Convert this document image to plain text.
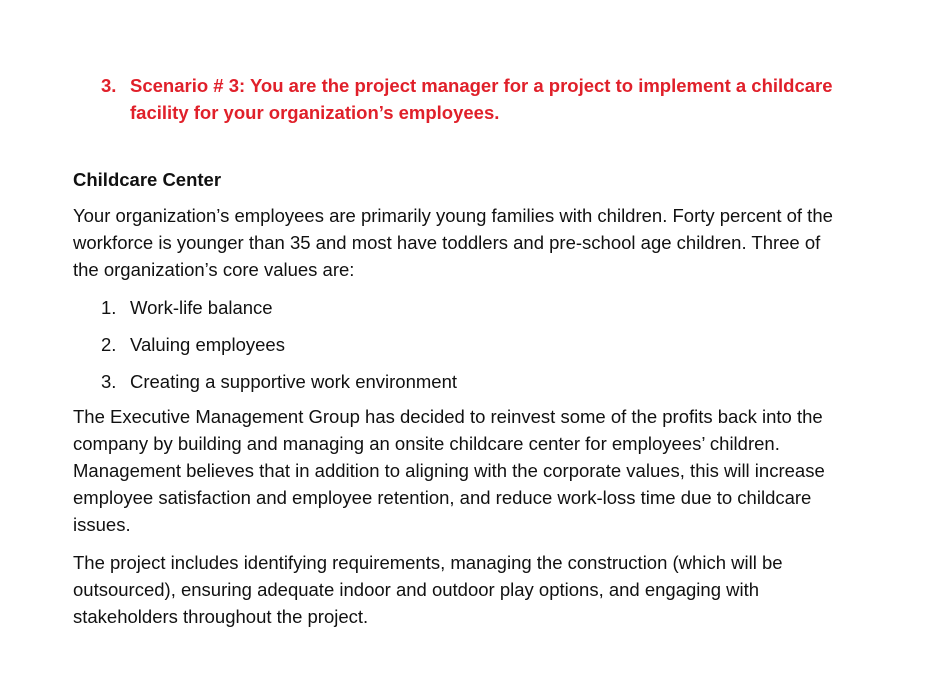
3. Scenario # 3: You are the project manager for a project to implement a childcare facility for your organization’s employees.
Childcare Center
Your organization’s employees are primarily young families with children. Forty percent of the workforce is younger than 35 and most have toddlers and pre-school age children. Three of the organization’s core values are:
1. Work-life balance
2. Valuing employees
3. Creating a supportive work environment
The Executive Management Group has decided to reinvest some of the profits back into the company by building and managing an onsite childcare center for employees’ children. Management believes that in addition to aligning with the corporate values, this will increase employee satisfaction and employee retention, and reduce work-loss time due to childcare issues.
The project includes identifying requirements, managing the construction (which will be outsourced), ensuring adequate indoor and outdoor play options, and engaging with stakeholders throughout the project.
